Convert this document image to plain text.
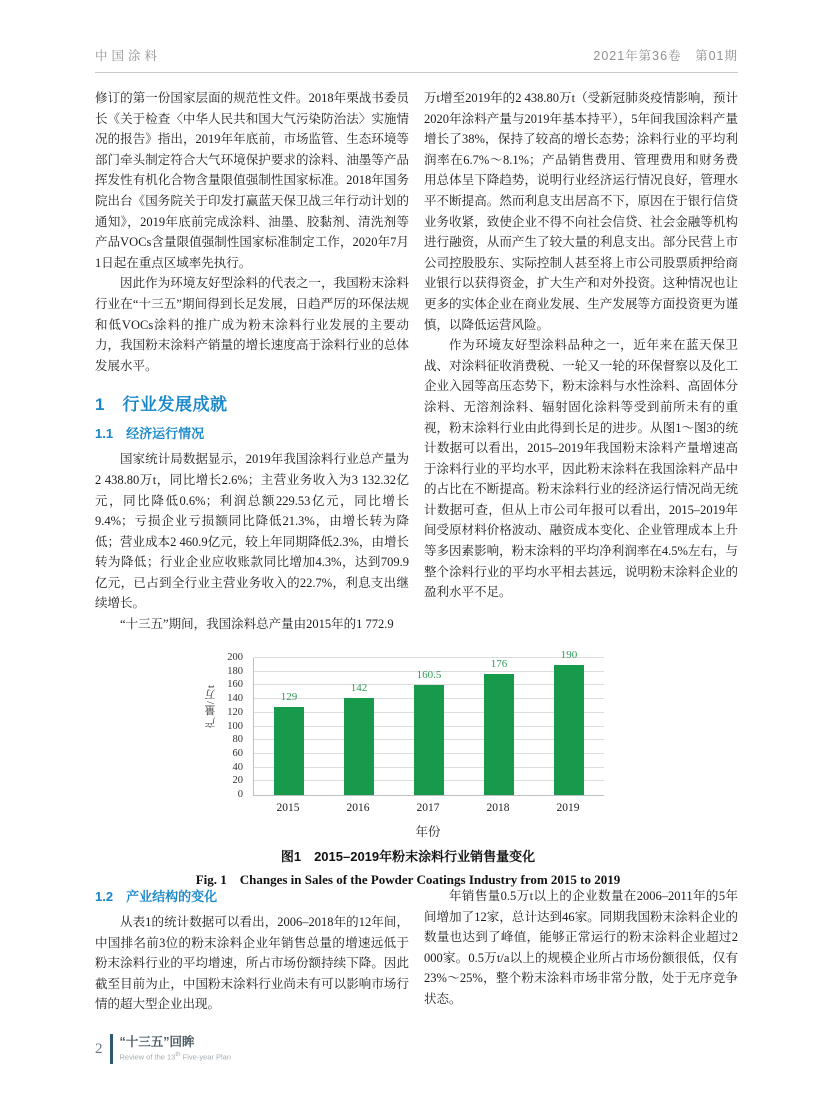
中国涂料	2021年第36卷　第01期

修订的第一份国家层面的规范性文件。2018年栗战书委员长《关于检查〈中华人民共和国大气污染防治法〉实施情况的报告》指出，2019年年底前，市场监管、生态环境等部门牵头制定符合大气环境保护要求的涂料、油墨等产品挥发性有机化合物含量限值强制性国家标准。2018年国务院出台《国务院关于印发打赢蓝天保卫战三年行动计划的通知》，2019年底前完成涂料、油墨、胶黏剂、清洗剂等产品VOCs含量限值强制性国家标准制定工作，2020年7月1日起在重点区域率先执行。

因此作为环境友好型涂料的代表之一，我国粉末涂料行业在“十三五”期间得到长足发展，日趋严厉的环保法规和低VOCs涂料的推广成为粉末涂料行业发展的主要动力，我国粉末涂料产销量的增长速度高于涂料行业的总体发展水平。

1　行业发展成就
1.1　经济运行情况

国家统计局数据显示，2019年我国涂料行业总产量为2 438.80万t，同比增长2.6%；主营业务收入为3 132.32亿元，同比降低0.6%；利润总额229.53亿元，同比增长9.4%；亏损企业亏损额同比降低21.3%，由增长转为降低；营业成本2 460.9亿元，较上年同期降低2.3%，由增长转为降低；行业企业应收账款同比增加4.3%，达到709.9亿元，已占到全行业主营业务收入的22.7%，利息支出继续增长。

“十三五”期间，我国涂料总产量由2015年的1 772.9

万t增至2019年的2 438.80万t（受新冠肺炎疫情影响，预计2020年涂料产量与2019年基本持平），5年间我国涂料产量增长了38%，保持了较高的增长态势；涂料行业的平均利润率在6.7%～8.1%；产品销售费用、管理费用和财务费用总体呈下降趋势，说明行业经济运行情况良好，管理水平不断提高。然而利息支出居高不下，原因在于银行信贷业务收紧，致使企业不得不向社会信贷、社会金融等机构进行融资，从而产生了较大量的利息支出。部分民营上市公司控股股东、实际控制人甚至将上市公司股票质押给商业银行以获得资金，扩大生产和对外投资。这种情况也让更多的实体企业在商业发展、生产发展等方面投资更为谨慎，以降低运营风险。

作为环境友好型涂料品种之一，近年来在蓝天保卫战、对涂料征收消费税、一轮又一轮的环保督察以及化工企业入园等高压态势下，粉末涂料与水性涂料、高固体分涂料、无溶剂涂料、辐射固化涂料等受到前所未有的重视，粉末涂料行业由此得到长足的进步。从图1～图3的统计数据可以看出，2015–2019年我国粉末涂料产量增速高于涂料行业的平均水平，因此粉末涂料在我国涂料产品中的占比在不断提高。粉末涂料行业的经济运行情况尚无统计数据可查，但从上市公司年报可以看出，2015–2019年间受原材料价格波动、融资成本变化、企业管理成本上升等多因素影响，粉末涂料的平均净利润率在4.5%左右，与整个涂料行业的平均水平相去甚远，说明粉末涂料企业的盈利水平不足。

产量/万t
0
20
40
60
80
100
120
140
160
180
200
129
142
160.5
176
190
2015	2016	2017	2018	2019
年份
图1　2015–2019年粉末涂料行业销售量变化
Fig. 1　Changes in Sales of the Powder Coatings Industry from 2015 to 2019
1.2　产业结构的变化

从表1的统计数据可以看出，2006–2018年的12年间，中国排名前3位的粉末涂料企业年销售总量的增速远低于粉末涂料行业的平均增速，所占市场份额持续下降。因此截至目前为止，中国粉末涂料行业尚未有可以影响市场行情的超大型企业出现。

年销售量0.5万t以上的企业数量在2006–2011年的5年间增加了12家，总计达到46家。同期我国粉末涂料企业的数量也达到了峰值，能够正常运行的粉末涂料企业超过2 000家。0.5万t/a以上的规模企业所占市场份额很低，仅有23%～25%，整个粉末涂料市场非常分散，处于无序竞争状态。

2 “十三五”回眸
Review of the 13th Five-year Plan
